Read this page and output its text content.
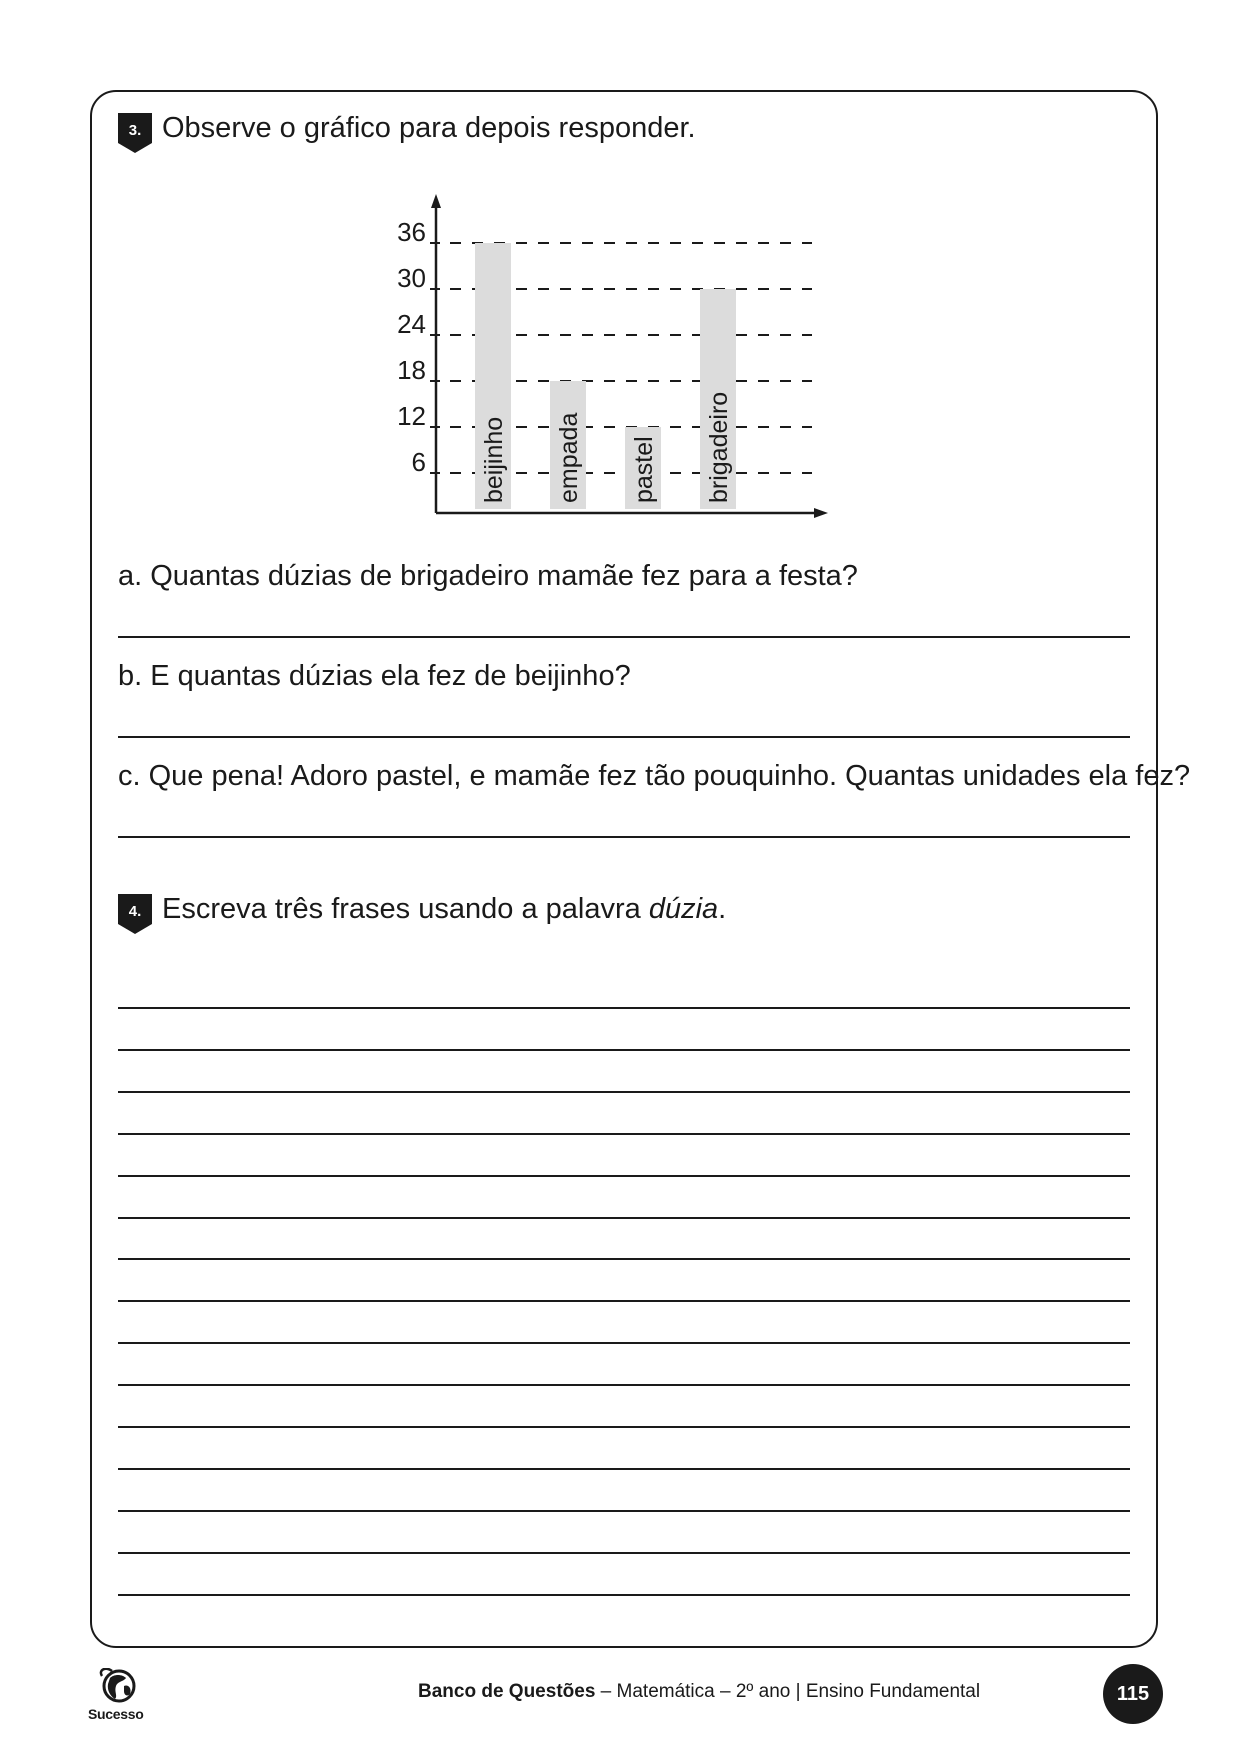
3. Observe o gráfico para depois responder.
beijinho empada pastel brigadeiro
6
12
18
24
30
36
a. Quantas dúzias de brigadeiro mamãe fez para a festa?
b. E quantas dúzias ela fez de beijinho?
c. Que pena! Adoro pastel, e mamãe fez tão pouquinho. Quantas unidades ela fez?
4. Escreva três frases usando a palavra dúzia.
Sucesso
Banco de Questões – Matemática – 2º ano | Ensino Fundamental	115
